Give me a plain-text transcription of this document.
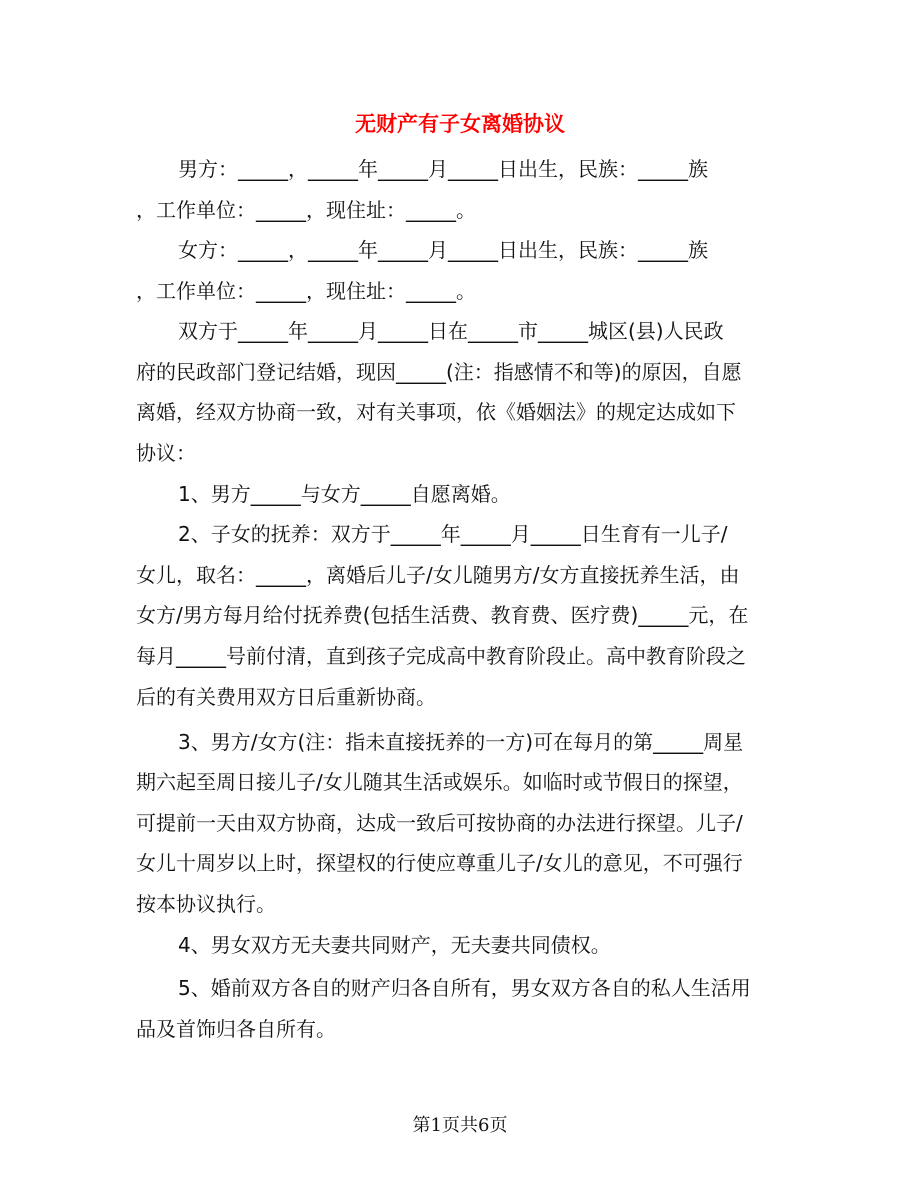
无财产有子女离婚协议
男方：_____，_____年_____月_____日出生，民族：_____族
，工作单位：_____，现住址：_____。
女方：_____，_____年_____月_____日出生，民族：_____族
，工作单位：_____，现住址：_____。
双方于_____年_____月_____日在_____市_____城区(县)人民政
府的民政部门登记结婚，现因_____(注：指感情不和等)的原因，自愿
离婚，经双方协商一致，对有关事项，依《婚姻法》的规定达成如下
协议：
1、男方_____与女方_____自愿离婚。
2、子女的抚养：双方于_____年_____月_____日生育有一儿子/
女儿，取名：_____，离婚后儿子/女儿随男方/女方直接抚养生活，由
女方/男方每月给付抚养费(包括生活费、教育费、医疗费)_____元，在
每月_____号前付清，直到孩子完成高中教育阶段止。高中教育阶段之
后的有关费用双方日后重新协商。
3、男方/女方(注：指未直接抚养的一方)可在每月的第_____周星
期六起至周日接儿子/女儿随其生活或娱乐。如临时或节假日的探望，
可提前一天由双方协商，达成一致后可按协商的办法进行探望。儿子/
女儿十周岁以上时，探望权的行使应尊重儿子/女儿的意见，不可强行
按本协议执行。
4、男女双方无夫妻共同财产，无夫妻共同债权。
5、婚前双方各自的财产归各自所有，男女双方各自的私人生活用
品及首饰归各自所有。
第1页共6页
